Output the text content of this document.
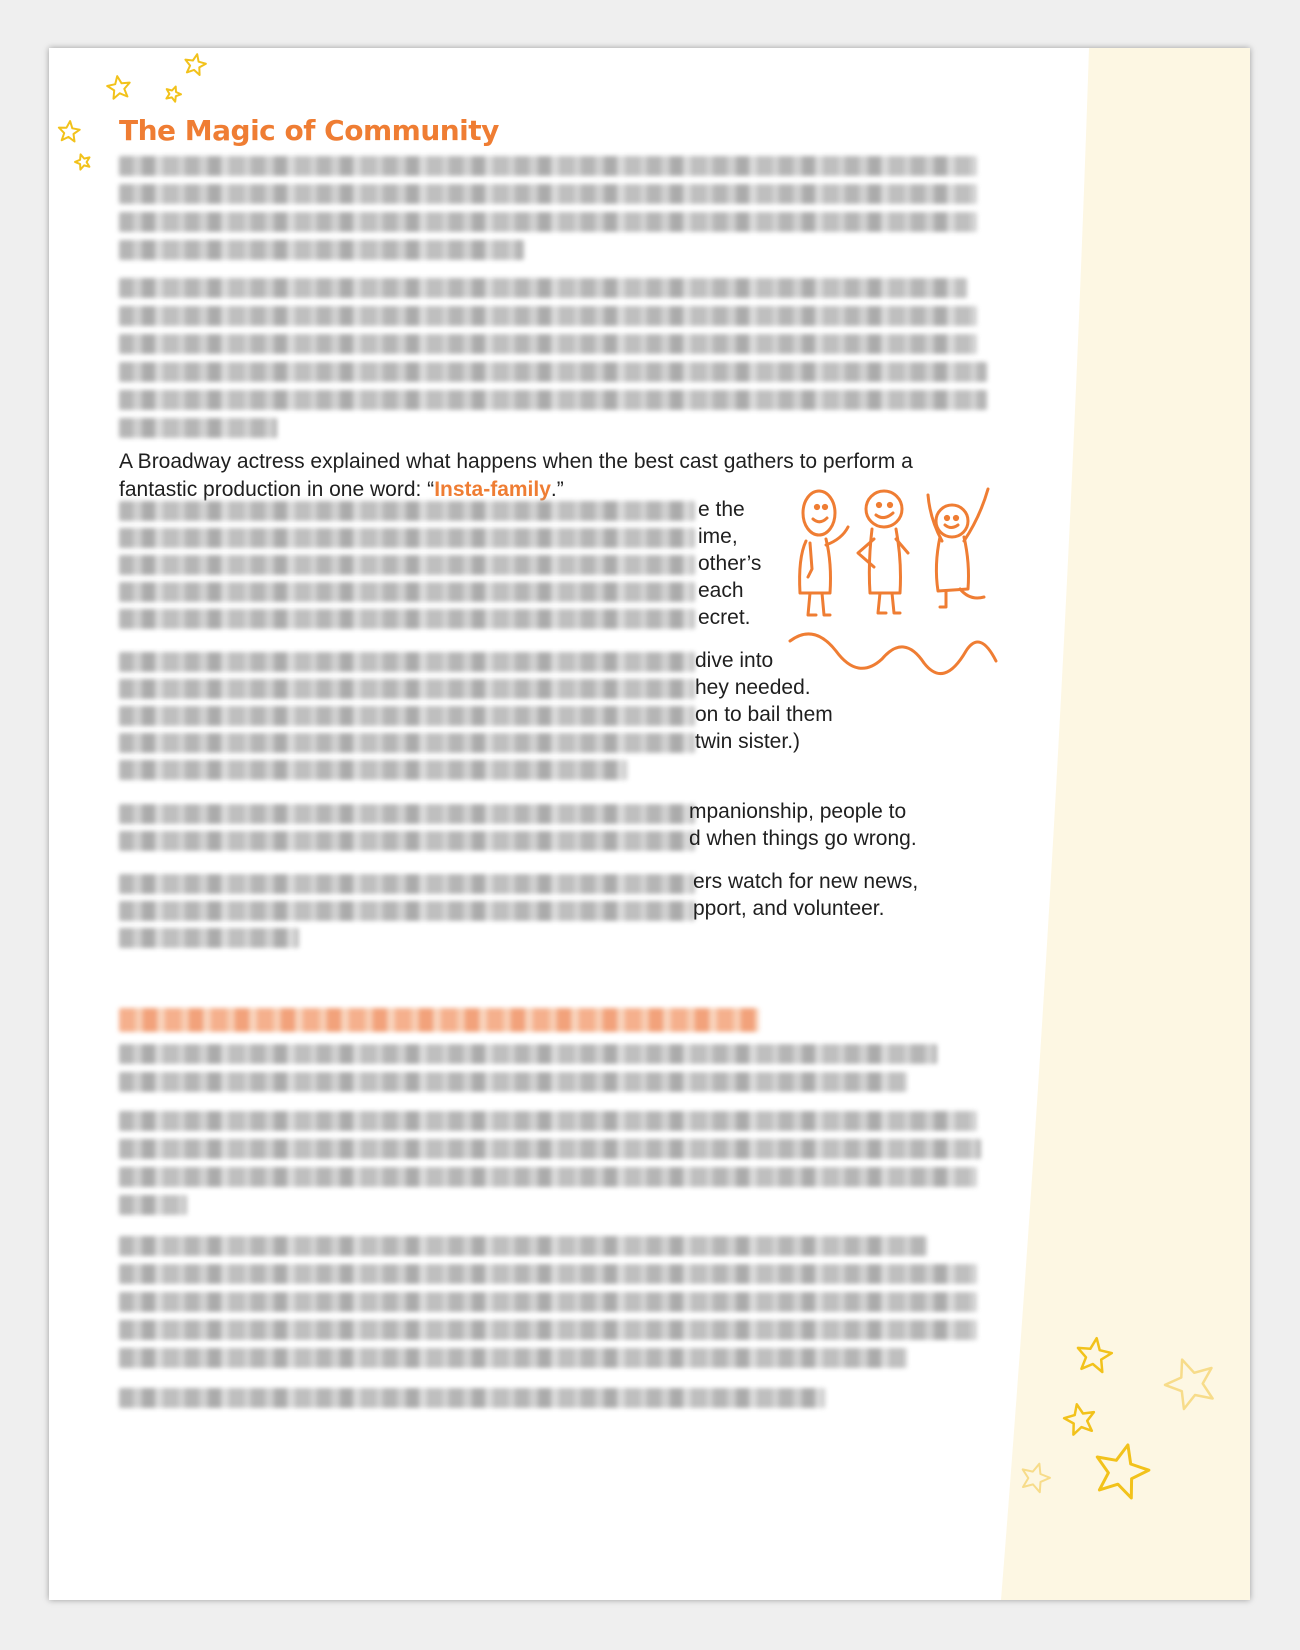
The Magic of Community

A Broadway actress explained what happens when the best cast gathers to perform a fantastic production in one word: “Insta-family.”

e the
ime,
other’s
each
ecret.

dive into
hey needed.
on to bail them
twin sister.)

mpanionship, people to
d when things go wrong.

ers watch for new news,
pport, and volunteer.
